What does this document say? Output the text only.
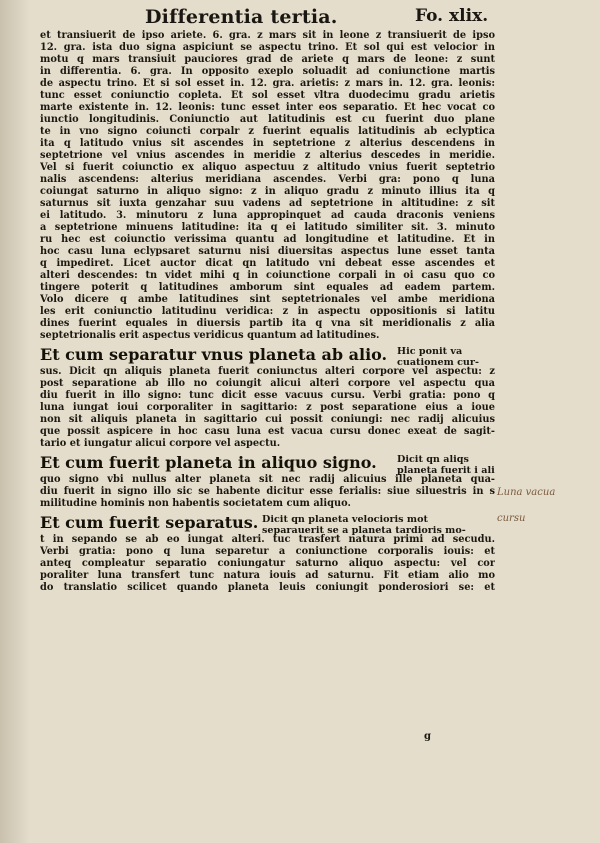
Differentia tertia.	Fo. xlix.
et transiuerit de ipso ariete. 6. gra. z mars sit in leone z transiuerit de ipso
12. gra. ista duo signa aspiciunt se aspectu trino. Et sol qui est velocior in
motu q mars transiuit pauciores grad de ariete q mars de leone: z sunt
in differentia. 6. gra. In opposito exeplo soluadit ad coniunctione martis
de aspectu trino. Et si sol esset in. 12. gra. arietis: z mars in. 12. gra. leonis:
tunc esset coniunctio copleta. Et sol esset vltra duodecimu gradu arietis
marte existente in. 12. leonis: tunc esset inter eos separatio. Et hec vocat co
iunctio longitudinis. Coniunctio aut latitudinis est cu fuerint duo plane
te in vno signo coiuncti corpalr z fuerint equalis latitudinis ab eclyptica
ita q latitudo vnius sit ascendes in septetrione z alterius descendens in
septetrione vel vnius ascendes in meridie z alterius descedes in meridie.
Vel si fuerit coiunctio ex aliquo aspectuu z altitudo vnius fuerit septetrio
nalis ascendens: alterius meridiana ascendes. Verbi gra: pono q luna
coiungat saturno in aliquo signo: z in aliquo gradu z minuto illius ita q
saturnus sit iuxta genzahar suu vadens ad septetrione in altitudine: z sit
ei latitudo. 3. minutoru z luna appropinquet ad cauda draconis veniens
a septetrione minuens latitudine: ita q ei latitudo similiter sit. 3. minuto
ru hec est coiunctio verissima quantu ad longitudine et latitudine. Et in
hoc casu luna eclypsaret saturnu nisi diuersitas aspectus lune esset tanta
q impediret. Licet auctor dicat qn latitudo vni debeat esse ascendes et
alteri descendes: tn videt mihi q in coiunctione corpali in oi casu quo co
tingere poterit q latitudines amborum sint equales ad eadem partem.
Volo dicere q ambe latitudines sint septetrionales vel ambe meridiona
les erit coniunctio latitudinu veridica: z in aspectu oppositionis si latitu
dines fuerint equales in diuersis partib ita q vna sit meridionalis z alia
septetrionalis erit aspectus veridicus quantum ad latitudines.
Et cum separatur vnus planeta ab alio. Hic ponit va
cuationem cur-
sus. Dicit qn aliquis planeta fuerit coniunctus alteri corpore vel aspectu: z
post separatione ab illo no coiungit alicui alteri corpore vel aspectu qua
diu fuerit in illo signo: tunc dicit esse vacuus cursu. Verbi gratia: pono q
luna iungat ioui corporaliter in sagittario: z post separatione eius a ioue
non sit aliquis planeta in sagittario cui possit coniungi: nec radij alicuius
que possit aspicere in hoc casu luna est vacua cursu donec exeat de sagit-
tario et iungatur alicui corpore vel aspectu.
Et cum fuerit planeta in aliquo signo. Dicit qn aliqs
planeta fuerit i ali
quo signo vbi nullus alter planeta sit nec radij alicuius ille planeta qua-
diu fuerit in signo illo sic se habente dicitur esse ferialis: siue siluestris in s
militudine hominis non habentis societatem cum aliquo.
Et cum fuerit separatus. Dicit qn planeta velocioris mot
separauerit se a planeta tardioris mo-
t in sepando se ab eo iungat alteri. tuc trasfert natura primi ad secudu.
Verbi gratia: pono q luna separetur a coniunctione corporalis iouis: et
anteq compleatur separatio coniungatur saturno aliquo aspectu: vel cor
poraliter luna transfert tunc natura iouis ad saturnu. Fit etiam alio mo
do translatio scilicet quando planeta leuis coniungit ponderosiori se: et
g
Luna vacua
cursu
